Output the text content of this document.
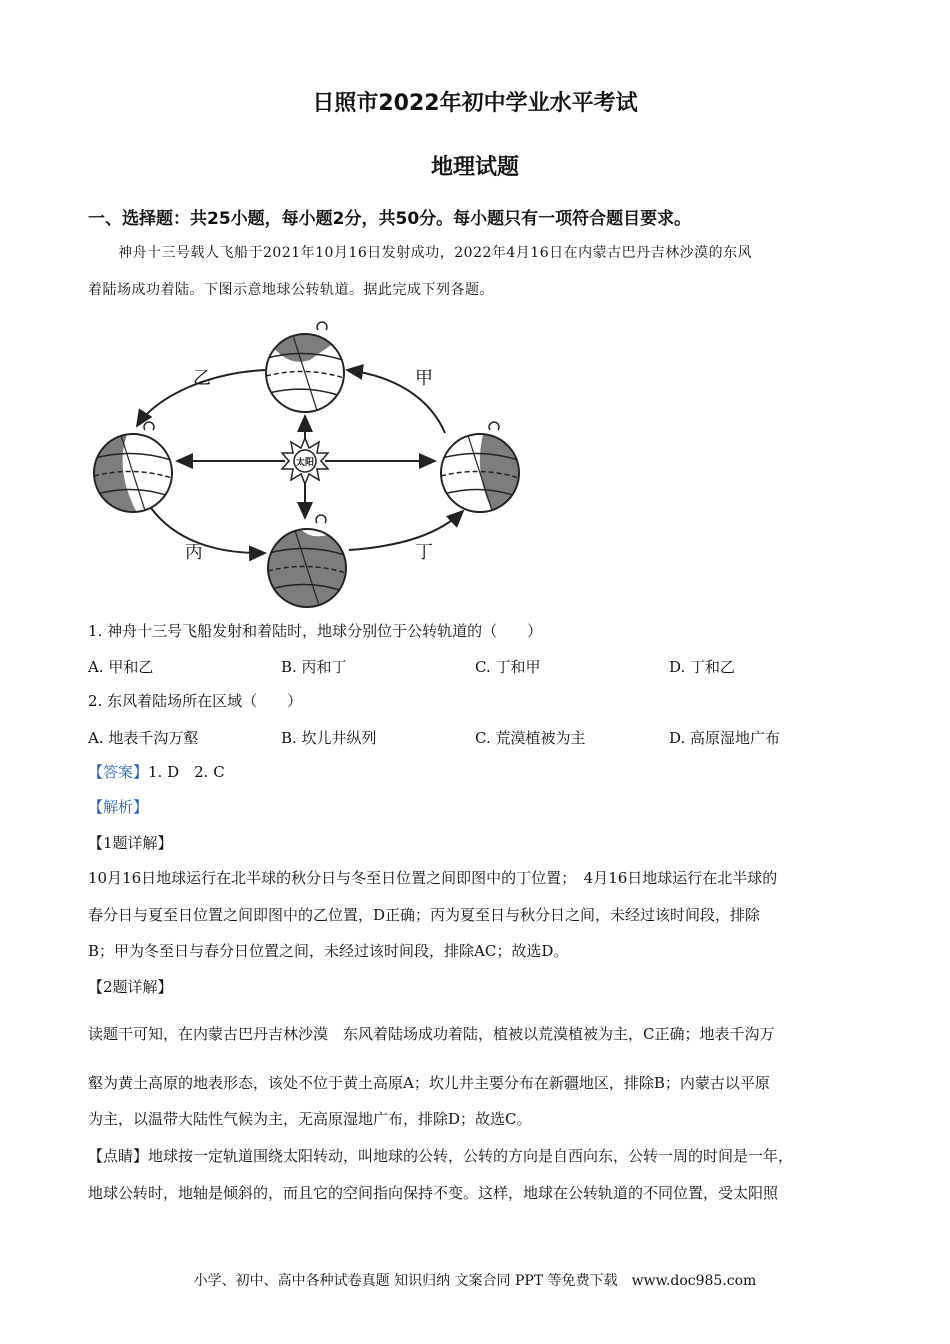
日照市2022年初中学业水平考试
地理试题
一、选择题：共25小题，每小题2分，共50分。每小题只有一项符合题目要求。
神舟十三号载人飞船于2021年10月16日发射成功，2022年4月16日在内蒙古巴丹吉林沙漠的东风
着陆场成功着陆。下图示意地球公转轨道。据此完成下列各题。
太阳
乙	甲
丙	丁
1. 神舟十三号飞船发射和着陆时，地球分别位于公转轨道的（　　）
A. 甲和乙	B. 丙和丁	C. 丁和甲	D. 丁和乙
2. 东风着陆场所在区域（　　）
A. 地表千沟万壑	B. 坎儿井纵列	C. 荒漠植被为主	D. 高原湿地广布
【答案】1. D　2. C
【解析】
【1题详解】
10月16日地球运行在北半球的秋分日与冬至日位置之间即图中的丁位置；　4月16日地球运行在北半球的
春分日与夏至日位置之间即图中的乙位置，D正确；丙为夏至日与秋分日之间，未经过该时间段，排除
B；甲为冬至日与春分日位置之间，未经过该时间段，排除AC；故选D。
【2题详解】
读题干可知，在内蒙古巴丹吉林沙漠　东风着陆场成功着陆，植被以荒漠植被为主，C正确；地表千沟万
壑为黄土高原的地表形态，该处不位于黄土高原A；坎儿井主要分布在新疆地区，排除B；内蒙古以平原
为主，以温带大陆性气候为主，无高原湿地广布，排除D；故选C。
【点睛】地球按一定轨道围绕太阳转动，叫地球的公转，公转的方向是自西向东，公转一周的时间是一年，
地球公转时，地轴是倾斜的，而且它的空间指向保持不变。这样，地球在公转轨道的不同位置，受太阳照
小学、初中、高中各种试卷真题 知识归纳 文案合同 PPT 等免费下载　www.doc985.com
